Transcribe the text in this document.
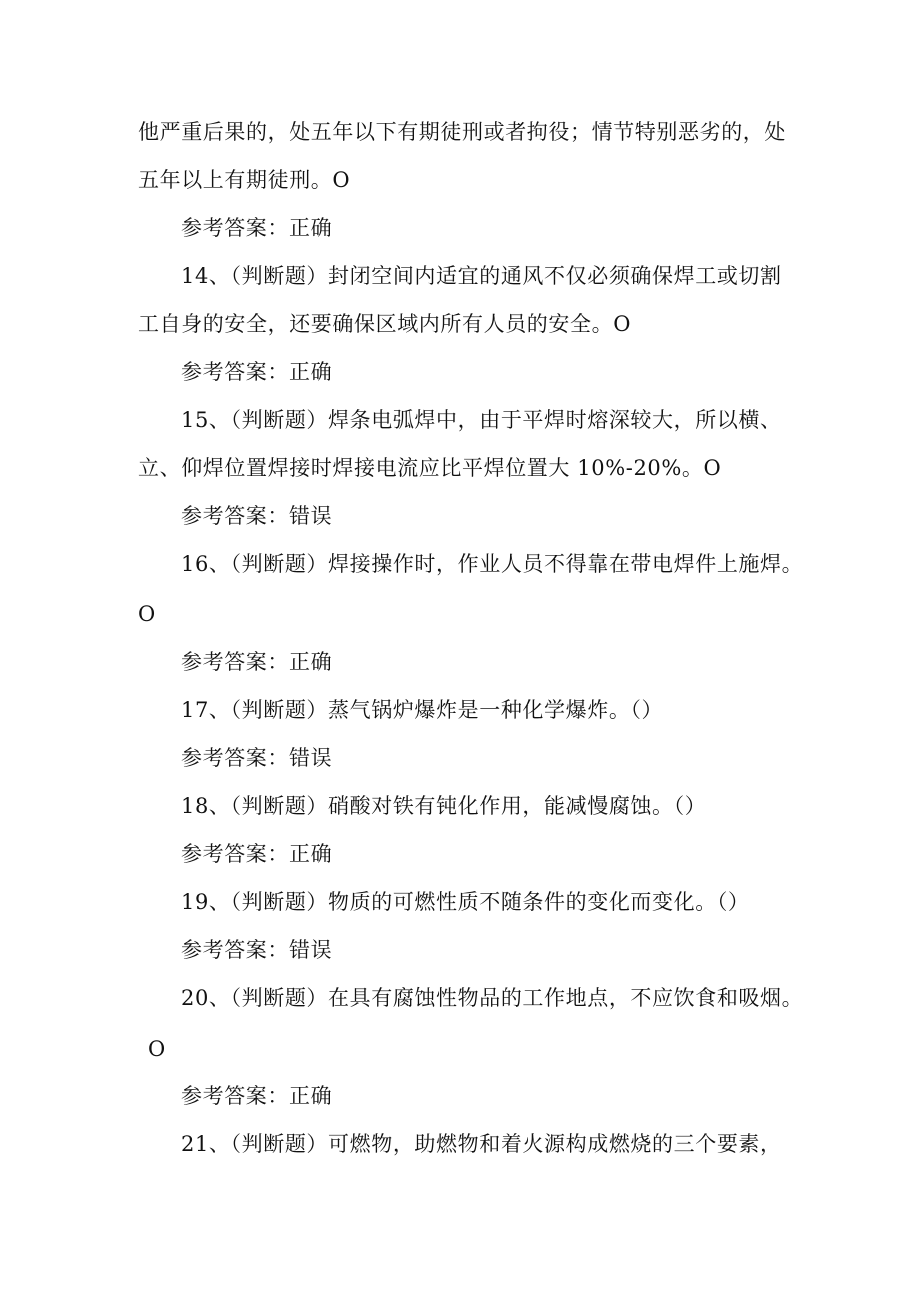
他严重后果的，处五年以下有期徒刑或者拘役；情节特别恶劣的，处
五年以上有期徒刑。O
参考答案：正确
14、（判断题）封闭空间内适宜的通风不仅必须确保焊工或切割
工自身的安全，还要确保区域内所有人员的安全。O
参考答案：正确
15、（判断题）焊条电弧焊中，由于平焊时熔深较大，所以横、
立、仰焊位置焊接时焊接电流应比平焊位置大 10%-20%。O
参考答案：错误
16、（判断题）焊接操作时，作业人员不得靠在带电焊件上施焊。
O
参考答案：正确
17、（判断题）蒸气锅炉爆炸是一种化学爆炸。（）
参考答案：错误
18、（判断题）硝酸对铁有钝化作用，能减慢腐蚀。（）
参考答案：正确
19、（判断题）物质的可燃性质不随条件的变化而变化。（）
参考答案：错误
20、（判断题）在具有腐蚀性物品的工作地点，不应饮食和吸烟。
O
参考答案：正确
21、（判断题）可燃物，助燃物和着火源构成燃烧的三个要素，
